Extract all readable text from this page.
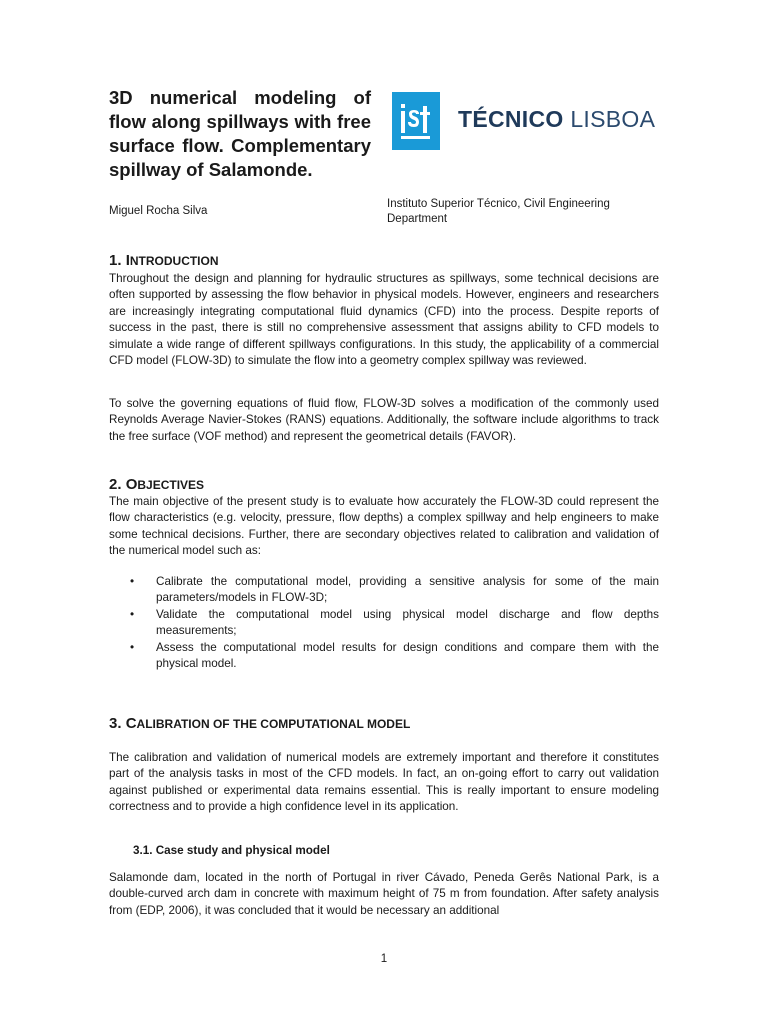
3D numerical modeling of flow along spillways with free surface flow. Complementary spillway of Salamonde.

Miguel Rocha Silva

TÉCNICO LISBOA

Instituto Superior Técnico, Civil Engineering Department

1. INTRODUCTION

Throughout the design and planning for hydraulic structures as spillways, some technical decisions are often supported by assessing the flow behavior in physical models. However, engineers and researchers are increasingly integrating computational fluid dynamics (CFD) into the process. Despite reports of success in the past, there is still no comprehensive assessment that assigns ability to CFD models to simulate a wide range of different spillways configurations. In this study, the applicability of a commercial CFD model (FLOW-3D) to simulate the flow into a geometry complex spillway was reviewed.

To solve the governing equations of fluid flow, FLOW-3D solves a modification of the commonly used Reynolds Average Navier-Stokes (RANS) equations. Additionally, the software include algorithms to track the free surface (VOF method) and represent the geometrical details (FAVOR).

2. OBJECTIVES

The main objective of the present study is to evaluate how accurately the FLOW-3D could represent the flow characteristics (e.g. velocity, pressure, flow depths) a complex spillway and help engineers to make some technical decisions. Further, there are secondary objectives related to calibration and validation of the numerical model such as:

• Calibrate the computational model, providing a sensitive analysis for some of the main parameters/models in FLOW-3D;
• Validate the computational model using physical model discharge and flow depths measurements;
• Assess the computational model results for design conditions and compare them with the physical model.
3. CALIBRATION OF THE COMPUTATIONAL MODEL

The calibration and validation of numerical models are extremely important and therefore it constitutes part of the analysis tasks in most of the CFD models. In fact, an on-going effort to carry out validation against published or experimental data remains essential. This is really important to ensure modeling correctness and to provide a high confidence level in its application.

3.1. Case study and physical model

Salamonde dam, located in the north of Portugal in river Cávado, Peneda Gerês National Park, is a double-curved arch dam in concrete with maximum height of 75 m from foundation. After safety analysis from (EDP, 2006), it was concluded that it would be necessary an additional

1
